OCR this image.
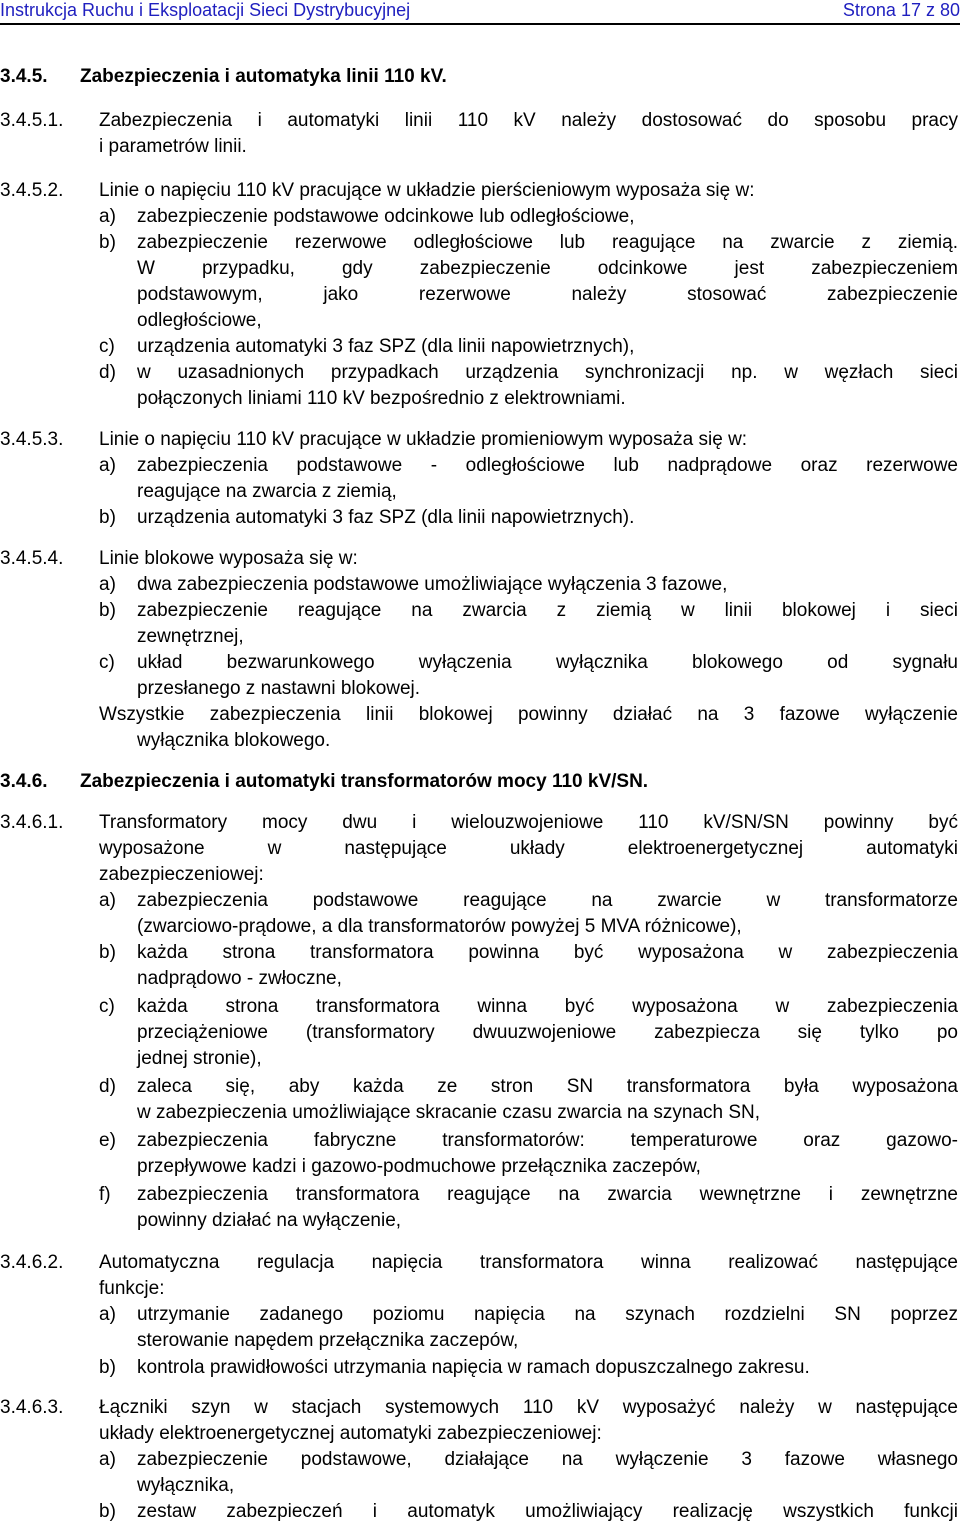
Instrukcja Ruchu i Eksploatacji Sieci Dystrybucyjnej	Strona 17 z 80
3.4.5. Zabezpieczenia i automatyka linii 110 kV.
3.4.5.1. Zabezpieczenia i automatyki linii 110 kV należy dostosować do sposobu pracy
i parametrów linii.
3.4.5.2. Linie o napięciu 110 kV pracujące w układzie pierścieniowym wyposaża się w:
a) zabezpieczenie podstawowe odcinkowe lub odległościowe,
b) zabezpieczenie rezerwowe odległościowe lub reagujące na zwarcie z ziemią.
W przypadku, gdy zabezpieczenie odcinkowe jest zabezpieczeniem
podstawowym, jako rezerwowe należy stosować zabezpieczenie
odległościowe,
c) urządzenia automatyki 3 faz SPZ (dla linii napowietrznych),
d) w uzasadnionych przypadkach urządzenia synchronizacji np. w węzłach sieci
połączonych liniami 110 kV bezpośrednio z elektrowniami.
3.4.5.3. Linie o napięciu 110 kV pracujące w układzie promieniowym wyposaża się w:
a) zabezpieczenia podstawowe - odległościowe lub nadprądowe oraz rezerwowe
reagujące na zwarcia z ziemią,
b) urządzenia automatyki 3 faz SPZ (dla linii napowietrznych).
3.4.5.4. Linie blokowe wyposaża się w:
a) dwa zabezpieczenia podstawowe umożliwiające wyłączenia 3 fazowe,
b) zabezpieczenie reagujące na zwarcia z ziemią w linii blokowej i sieci
zewnętrznej,
c) układ bezwarunkowego wyłączenia wyłącznika blokowego od sygnału
przesłanego z nastawni blokowej.
Wszystkie zabezpieczenia linii blokowej powinny działać na 3 fazowe wyłączenie
wyłącznika blokowego.
3.4.6. Zabezpieczenia i automatyki transformatorów mocy 110 kV/SN.
3.4.6.1. Transformatory mocy dwu i wielouzwojeniowe 110 kV/SN/SN powinny być
wyposażone w następujące układy elektroenergetycznej automatyki
zabezpieczeniowej:
a) zabezpieczenia podstawowe reagujące na zwarcie w transformatorze
(zwarciowo-prądowe, a dla transformatorów powyżej 5 MVA różnicowe),
b) każda strona transformatora powinna być wyposażona w zabezpieczenia
nadprądowo - zwłoczne,
c) każda strona transformatora winna być wyposażona w zabezpieczenia
przeciążeniowe (transformatory dwuuzwojeniowe zabezpiecza się tylko po
jednej stronie),
d) zaleca się, aby każda ze stron SN transformatora była wyposażona
w zabezpieczenia umożliwiające skracanie czasu zwarcia na szynach SN,
e) zabezpieczenia fabryczne transformatorów: temperaturowe oraz gazowo-
przepływowe kadzi i gazowo-podmuchowe przełącznika zaczepów,
f) zabezpieczenia transformatora reagujące na zwarcia wewnętrzne i zewnętrzne
powinny działać na wyłączenie,
3.4.6.2. Automatyczna regulacja napięcia transformatora winna realizować następujące
funkcje:
a) utrzymanie zadanego poziomu napięcia na szynach rozdzielni SN poprzez
sterowanie napędem przełącznika zaczepów,
b) kontrola prawidłowości utrzymania napięcia w ramach dopuszczalnego zakresu.
3.4.6.3. Łączniki szyn w stacjach systemowych 110 kV wyposażyć należy w następujące
układy elektroenergetycznej automatyki zabezpieczeniowej:
a) zabezpieczenie podstawowe, działające na wyłączenie 3 fazowe własnego
wyłącznika,
b) zestaw zabezpieczeń i automatyk umożliwiający realizację wszystkich funkcji
